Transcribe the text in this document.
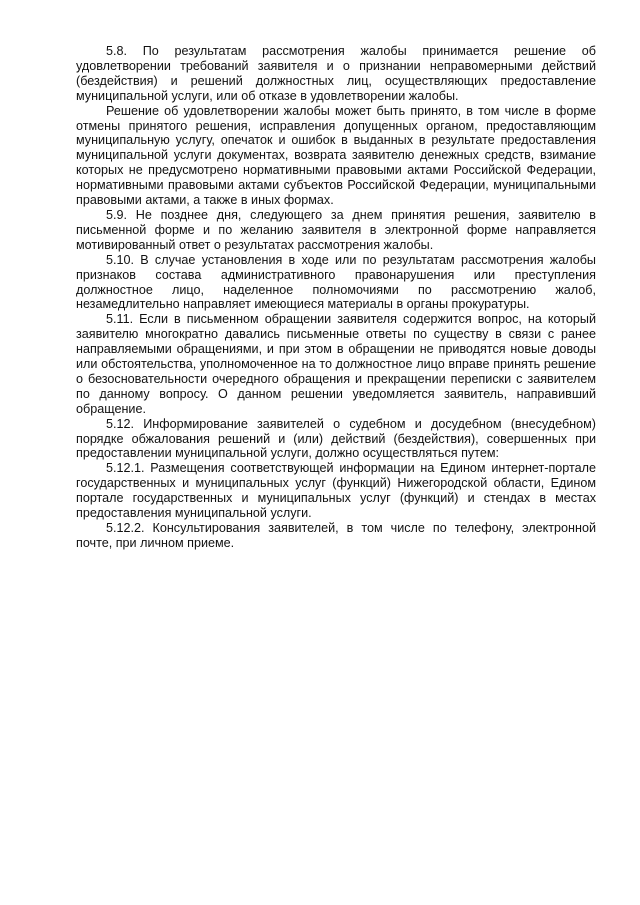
5.8. По результатам рассмотрения жалобы принимается решение об удовлетворении требований заявителя и о признании неправомерными действий (бездействия) и решений должностных лиц, осуществляющих предоставление муниципальной услуги, или об отказе в удовлетворении жалобы.

Решение об удовлетворении жалобы может быть принято, в том числе в форме отмены принятого решения, исправления допущенных органом, предоставляющим муниципальную услугу, опечаток и ошибок в выданных в результате предоставления муниципальной услуги документах, возврата заявителю денежных средств, взимание которых не предусмотрено нормативными правовыми актами Российской Федерации, нормативными правовыми актами субъектов Российской Федерации, муниципальными правовыми актами, а также в иных формах.

5.9. Не позднее дня, следующего за днем принятия решения, заявителю в письменной форме и по желанию заявителя в электронной форме направляется мотивированный ответ о результатах рассмотрения жалобы.

5.10. В случае установления в ходе или по результатам рассмотрения жалобы признаков состава административного правонарушения или преступления должностное лицо, наделенное полномочиями по рассмотрению жалоб, незамедлительно направляет имеющиеся материалы в органы прокуратуры.

5.11. Если в письменном обращении заявителя содержится вопрос, на который заявителю многократно давались письменные ответы по существу в связи с ранее направляемыми обращениями, и при этом в обращении не приводятся новые доводы или обстоятельства, уполномоченное на то должностное лицо вправе принять решение о безосновательности очередного обращения и прекращении переписки с заявителем по данному вопросу. О данном решении уведомляется заявитель, направивший обращение.

5.12. Информирование заявителей о судебном и досудебном (внесудебном) порядке обжалования решений и (или) действий (бездействия), совершенных при предоставлении муниципальной услуги, должно осуществляться путем:

5.12.1. Размещения соответствующей информации на Едином интернет-портале государственных и муниципальных услуг (функций) Нижегородской области, Едином портале государственных и муниципальных услуг (функций) и стендах в местах предоставления муниципальной услуги.

5.12.2. Консультирования заявителей, в том числе по телефону, электронной почте, при личном приеме.
